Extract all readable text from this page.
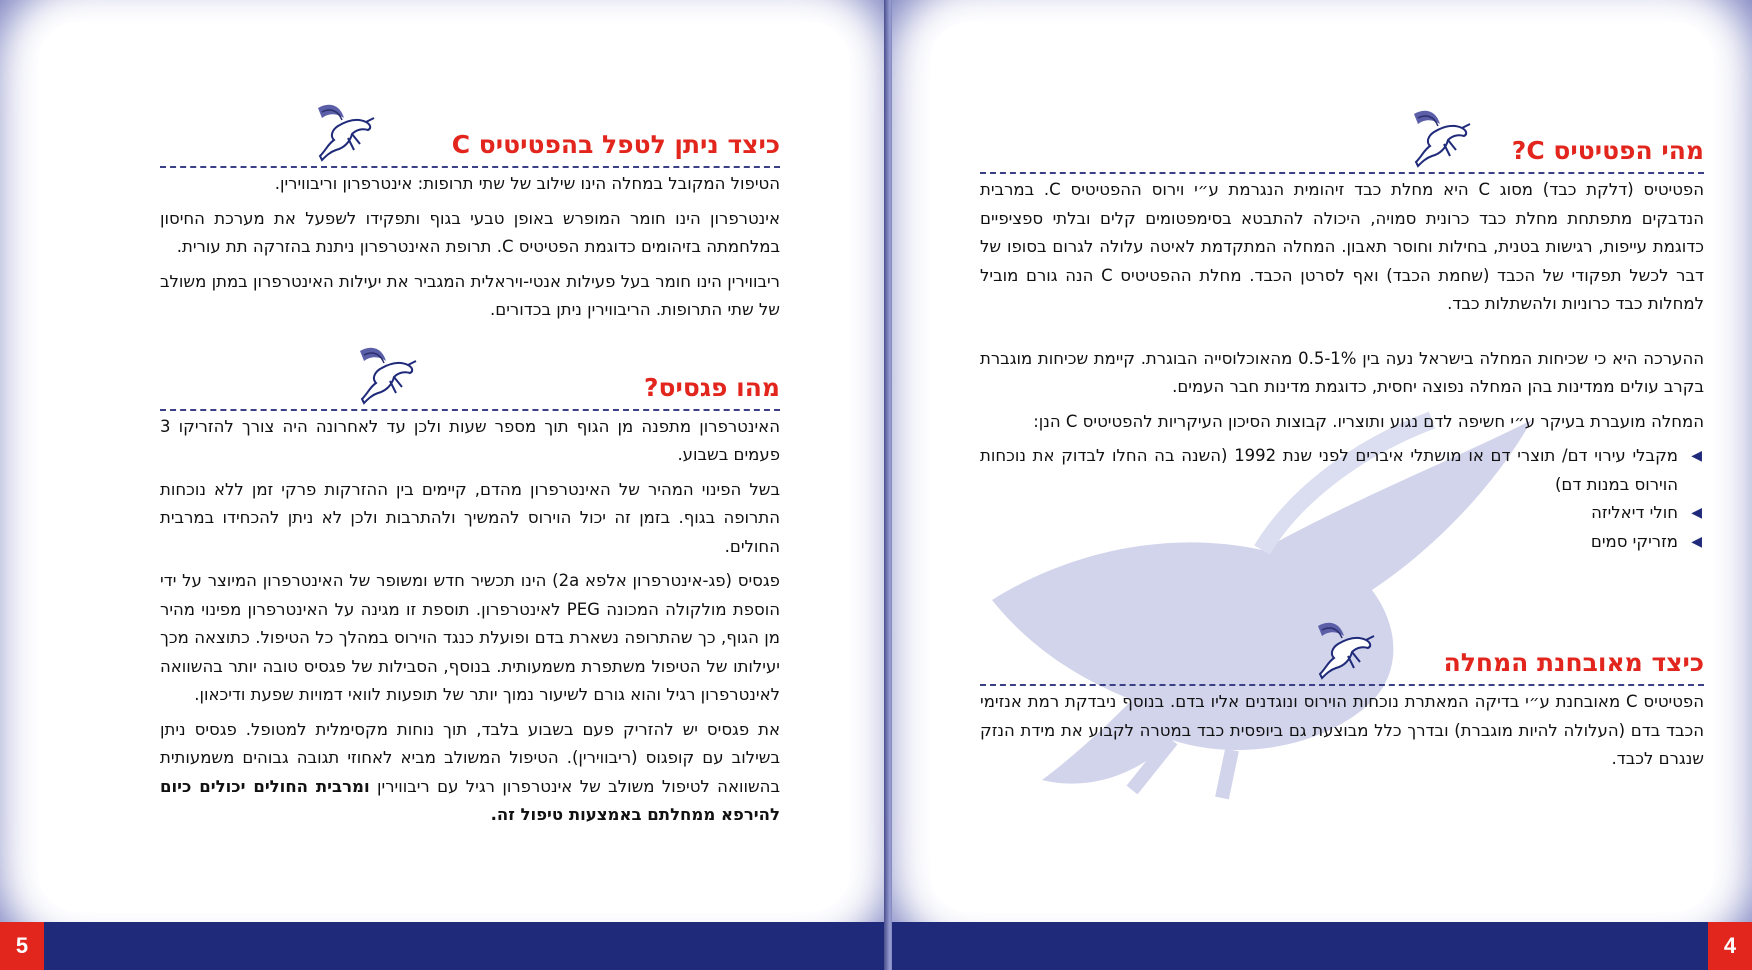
כיצד ניתן לטפל בהפטיטיס C

הטיפול המקובל במחלה הינו שילוב של שתי תרופות: אינטרפרון וריבווירין.

אינטרפרון הינו חומר המופרש באופן טבעי בגוף ותפקידו לשפעל את מערכת החיסון במלחמתה בזיהומים כדוגמת הפטיטיס C. תרופת האינטרפרון ניתנת בהזרקה תת עורית.

ריבווירין הינו חומר בעל פעילות אנטי-ויראלית המגביר את יעילות האינטרפרון במתן משולב של שתי התרופות. הריבווירין ניתן בכדורים.

מהו פגסיס?

האינטרפרון מתפנה מן הגוף תוך מספר שעות ולכן עד לאחרונה היה צורך להזריקו 3 פעמים בשבוע.

בשל הפינוי המהיר של האינטרפרון מהדם, קיימים בין ההזרקות פרקי זמן ללא נוכחות התרופה בגוף. בזמן זה יכול הוירוס להמשיך ולהתרבות ולכן לא ניתן להכחידו במרבית החולים.

פגסיס (פג-אינטרפרון אלפא 2a) הינו תכשיר חדש ומשופר של האינטרפרון המיוצר על ידי הוספת מולקולה המכונה PEG לאינטרפרון. תוספת זו מגינה על האינטרפרון מפינוי מהיר מן הגוף, כך שהתרופה נשארת בדם ופועלת כנגד הוירוס במהלך כל הטיפול. כתוצאה מכך יעילותו של הטיפול משתפרת משמעותית. בנוסף, הסבילות של פגסיס טובה יותר בהשוואה לאינטרפרון רגיל והוא גורם לשיעור נמוך יותר של תופעות לוואי דמויות שפעת ודיכאון.

את פגסיס יש להזריק פעם בשבוע בלבד, תוך נוחות מקסימלית למטופל. פגסיס ניתן בשילוב עם קופגוס (ריבווירין). הטיפול המשולב מביא לאחוזי תגובה גבוהים משמעותית בהשוואה לטיפול משולב של אינטרפרון רגיל עם ריבווירין ומרבית החולים יכולים כיום להירפא ממחלתם באמצעות טיפול זה.

5
מהי הפטיטיס C?

הפטיטיס (דלקת כבד) מסוג C היא מחלת כבד זיהומית הנגרמת ע״י וירוס ההפטיטיס C. במרבית הנדבקים מתפתחת מחלת כבד כרונית סמויה, היכולה להתבטא בסימפטומים קלים ובלתי ספציפיים כדוגמת עייפות, רגישות בטנית, בחילות וחוסר תאבון. המחלה המתקדמת לאיטה עלולה לגרום בסופו של דבר לכשל תפקודי של הכבד (שחמת הכבד) ואף לסרטן הכבד. מחלת ההפטיטיס C הנה גורם מוביל למחלות כבד כרוניות ולהשתלות כבד.

ההערכה היא כי שכיחות המחלה בישראל נעה בין 0.5-1% מהאוכלוסייה הבוגרת. קיימת שכיחות מוגברת בקרב עולים ממדינות בהן המחלה נפוצה יחסית, כדוגמת מדינות חבר העמים.

המחלה מועברת בעיקר ע״י חשיפה לדם נגוע ותוצריו. קבוצות הסיכון העיקריות להפטיטיס C הנן:

◀
מקבלי עירוי דם/ תוצרי דם או מושתלי איברים לפני שנת 1992 (השנה בה החלו לבדוק את נוכחות הוירוס במנות דם)
◀
חולי דיאליזה
◀
מזריקי סמים
כיצד מאובחנת המחלה

הפטיטיס C מאובחנת ע״י בדיקה המאתרת נוכחות הוירוס ונוגדנים אליו בדם. בנוסף ניבדקת רמת אנזימי הכבד בדם (העלולה להיות מוגברת) ובדרך כלל מבוצעת גם ביופסית כבד במטרה לקבוע את מידת הנזק שנגרם לכבד.

4
